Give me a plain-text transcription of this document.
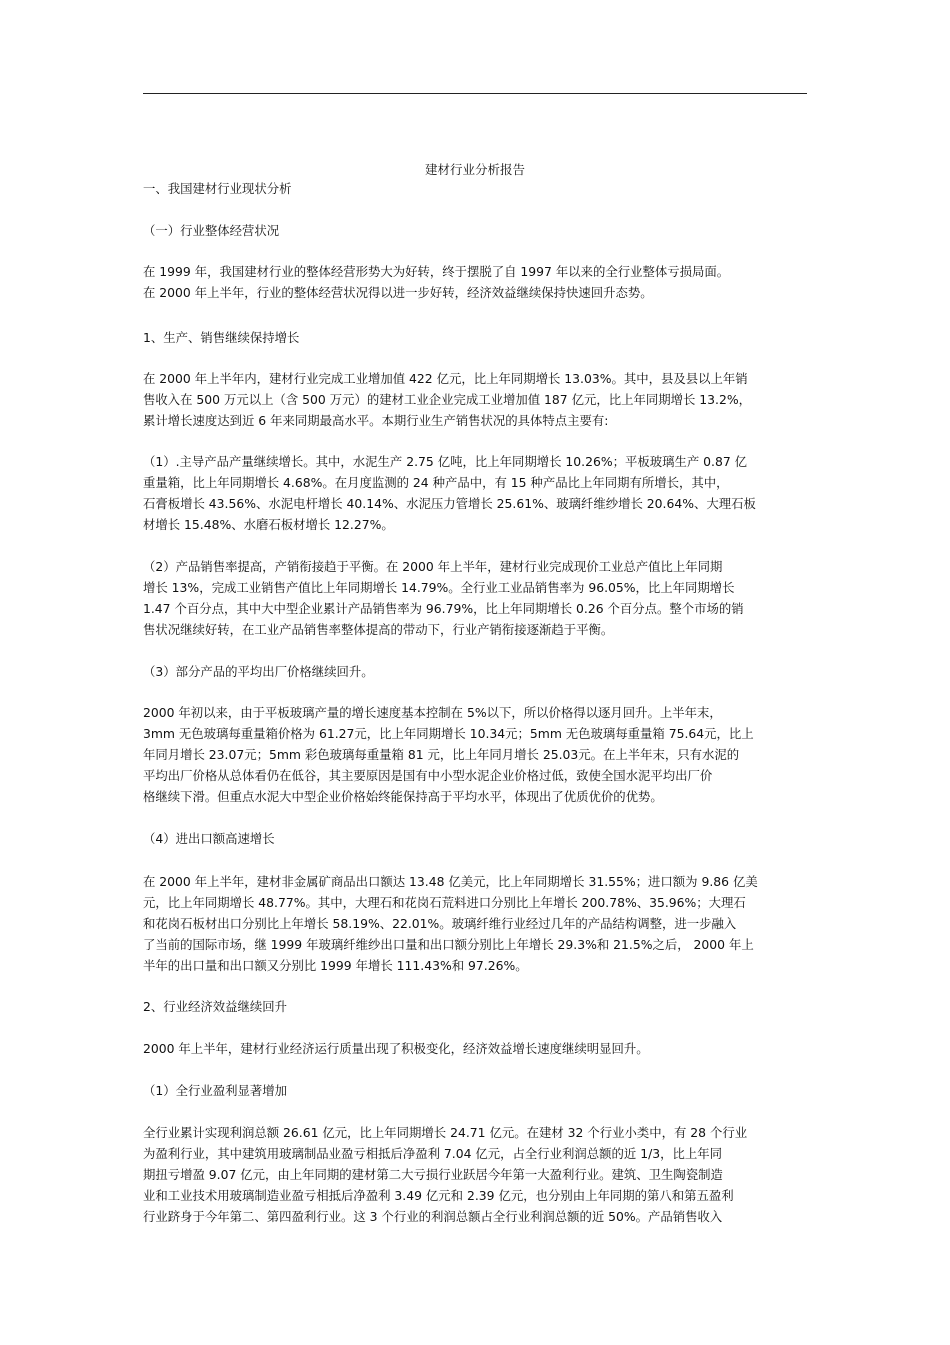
建材行业分析报告
一、我国建材行业现状分析
（一）行业整体经营状况
在 1999 年，我国建材行业的整体经营形势大为好转，终于摆脱了自 1997 年以来的全行业整体亏损局面。
在 2000 年上半年，行业的整体经营状况得以进一步好转，经济效益继续保持快速回升态势。
1、生产、销售继续保持增长
在 2000 年上半年内，建材行业完成工业增加值 422 亿元，比上年同期增长 13.03%。其中，县及县以上年销
售收入在 500 万元以上（含 500 万元）的建材工业企业完成工业增加值 187 亿元，比上年同期增长 13.2%，
累计增长速度达到近 6 年来同期最高水平。本期行业生产销售状况的具体特点主要有:
（1）.主导产品产量继续增长。其中，水泥生产 2.75 亿吨，比上年同期增长 10.26%；平板玻璃生产 0.87 亿
重量箱，比上年同期增长 4.68%。在月度监测的 24 种产品中，有 15 种产品比上年同期有所增长，其中，
石膏板增长 43.56%、水泥电杆增长 40.14%、水泥压力管增长 25.61%、玻璃纤维纱增长 20.64%、大理石板
材增长 15.48%、水磨石板材增长 12.27%。
（2）产品销售率提高，产销衔接趋于平衡。在 2000 年上半年，建材行业完成现价工业总产值比上年同期
增长 13%，完成工业销售产值比上年同期增长 14.79%。全行业工业品销售率为 96.05%，比上年同期增长
1.47 个百分点，其中大中型企业累计产品销售率为 96.79%，比上年同期增长 0.26 个百分点。整个市场的销
售状况继续好转，在工业产品销售率整体提高的带动下，行业产销衔接逐渐趋于平衡。
（3）部分产品的平均出厂价格继续回升。
2000 年初以来，由于平板玻璃产量的增长速度基本控制在 5%以下，所以价格得以逐月回升。上半年末，
3mm 无色玻璃每重量箱价格为 61.27元，比上年同期增长 10.34元；5mm 无色玻璃每重量箱 75.64元，比上
年同月增长 23.07元；5mm 彩色玻璃每重量箱 81 元，比上年同月增长 25.03元。在上半年末，只有水泥的
平均出厂价格从总体看仍在低谷，其主要原因是国有中小型水泥企业价格过低，致使全国水泥平均出厂价
格继续下滑。但重点水泥大中型企业价格始终能保持高于平均水平，体现出了优质优价的优势。
（4）进出口额高速增长
在 2000 年上半年，建材非金属矿商品出口额达 13.48 亿美元，比上年同期增长 31.55%；进口额为 9.86 亿美
元，比上年同期增长 48.77%。其中，大理石和花岗石荒料进口分别比上年增长 200.78%、35.96%；大理石
和花岗石板材出口分别比上年增长 58.19%、22.01%。玻璃纤维行业经过几年的产品结构调整，进一步融入
了当前的国际市场，继 1999 年玻璃纤维纱出口量和出口额分别比上年增长 29.3%和 21.5%之后， 2000 年上
半年的出口量和出口额又分别比 1999 年增长 111.43%和 97.26%。
2、行业经济效益继续回升
2000 年上半年，建材行业经济运行质量出现了积极变化，经济效益增长速度继续明显回升。
（1）全行业盈利显著增加
全行业累计实现利润总额 26.61 亿元，比上年同期增长 24.71 亿元。在建材 32 个行业小类中，有 28 个行业
为盈利行业，其中建筑用玻璃制品业盈亏相抵后净盈利 7.04 亿元，占全行业利润总额的近 1/3，比上年同
期扭亏增盈 9.07 亿元，由上年同期的建材第二大亏损行业跃居今年第一大盈利行业。建筑、卫生陶瓷制造
业和工业技术用玻璃制造业盈亏相抵后净盈利 3.49 亿元和 2.39 亿元，也分别由上年同期的第八和第五盈利
行业跻身于今年第二、第四盈利行业。这 3 个行业的利润总额占全行业利润总额的近 50%。产品销售收入
